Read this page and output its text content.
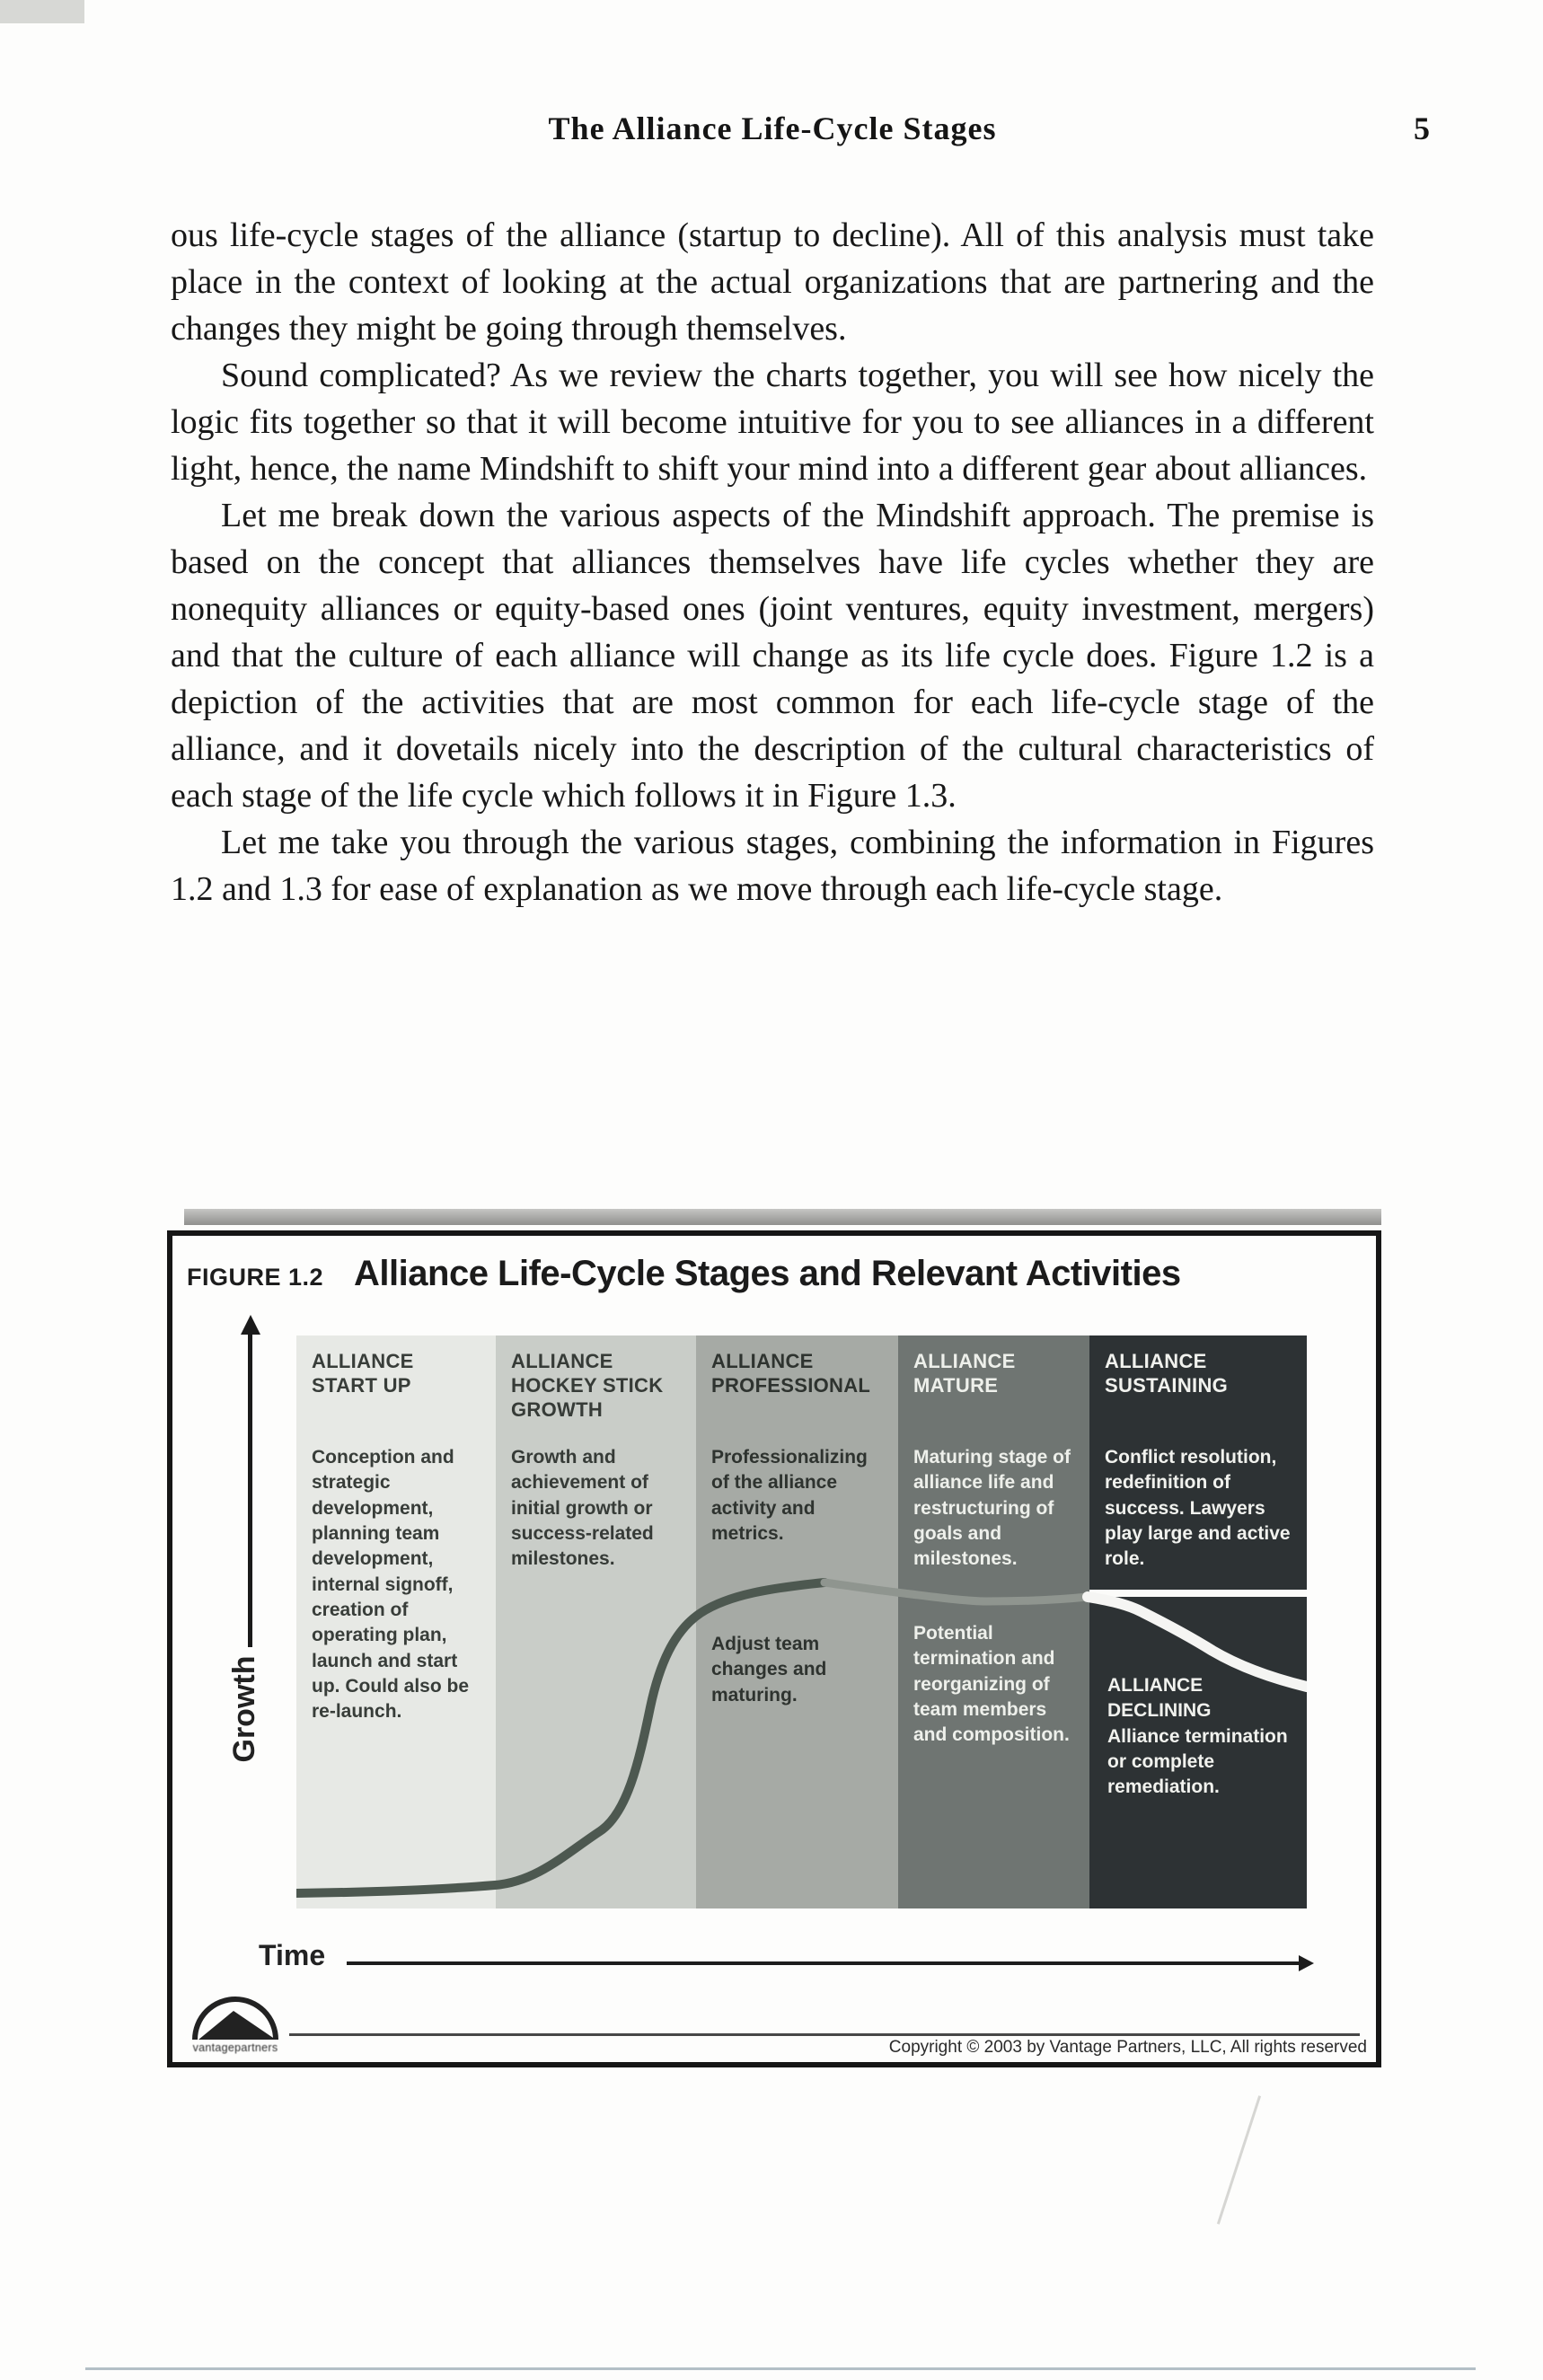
The Alliance Life-Cycle Stages	5

ous life-cycle stages of the alliance (startup to decline). All of this analysis must take place in the context of looking at the actual organizations that are partnering and the changes they might be going through themselves.

Sound complicated? As we review the charts together, you will see how nicely the logic fits together so that it will become intuitive for you to see alliances in a different light, hence, the name Mindshift to shift your mind into a different gear about alliances.

Let me break down the various aspects of the Mindshift approach. The premise is based on the concept that alliances themselves have life cycles whether they are nonequity alliances or equity-based ones (joint ventures, equity investment, mergers) and that the culture of each alliance will change as its life cycle does. Figure 1.2 is a depiction of the activities that are most common for each life-cycle stage of the alliance, and it dovetails nicely into the description of the cultural characteristics of each stage of the life cycle which follows it in Figure 1.3.

Let me take you through the various stages, combining the information in Figures 1.2 and 1.3 for ease of explanation as we move through each life-cycle stage.

FIGURE 1.2 Alliance Life-Cycle Stages and Relevant Activities
Growth
ALLIANCE START UP
Conception and strategic development, planning team development, internal signoff, creation of operating plan, launch and start up. Could also be re-launch.
ALLIANCE HOCKEY STICK GROWTH
Growth and achievement of initial growth or success-related milestones.
ALLIANCE PROFESSIONAL
Professionalizing of the alliance activity and metrics.
Adjust team changes and maturing.
ALLIANCE MATURE
Maturing stage of alliance life and restructuring of goals and milestones.
Potential termination and reorganizing of team members and composition.
ALLIANCE SUSTAINING
Conflict resolution, redefinition of success. Lawyers play large and active role.
ALLIANCE DECLINING
Alliance termination or complete remediation.
Time
vantagepartners	Copyright © 2003 by Vantage Partners, LLC, All rights reserved
